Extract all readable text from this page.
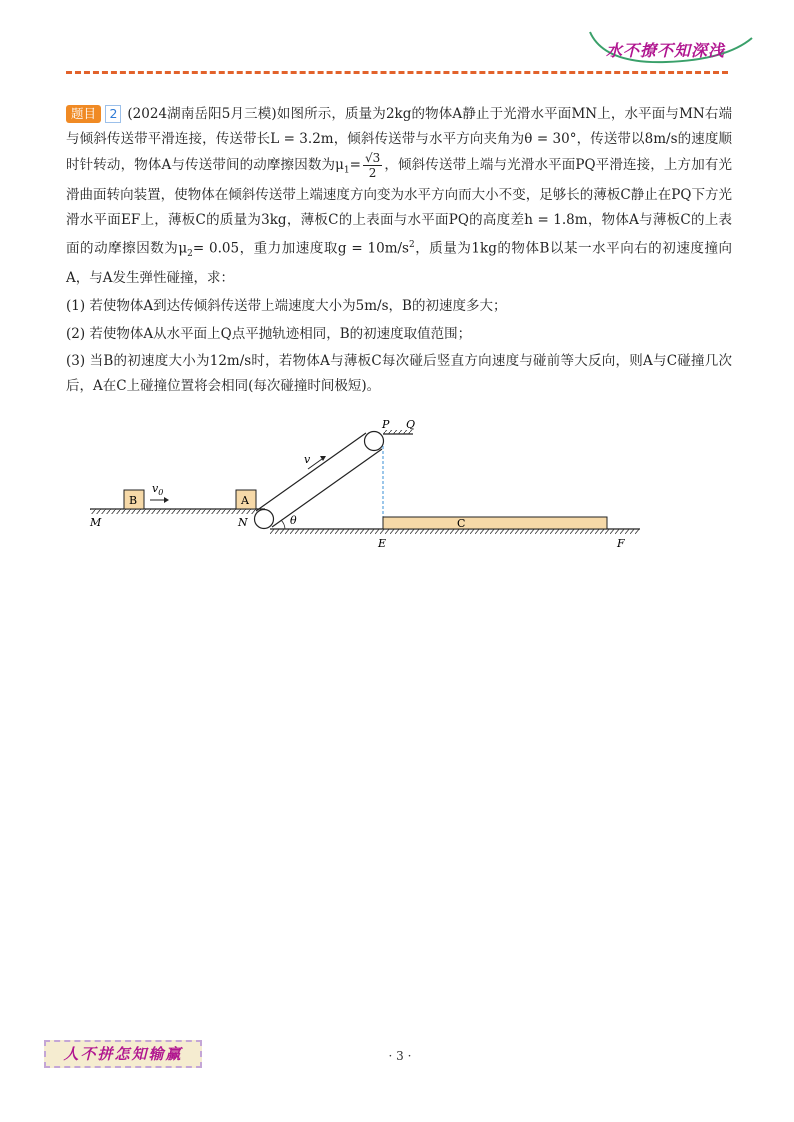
水不撩不知深浅
题目 2 (2024湖南岳阳5月三模)如图所示，质量为2kg的物体A静止于光滑水平面MN上，水平面与MN右端与倾斜传送带平滑连接，传送带长L = 3.2m，倾斜传送带与水平方向夹角为θ = 30°，传送带以8m/s的速度顺时针转动，物体A与传送带间的动摩擦因数为$\mu_1= \frac{√3}{2}$ ，倾斜传送带上端与光滑水平面PQ平滑连接，上方加有光滑曲面转向装置，使物体在倾斜传送带上端速度方向变为水平方向而大小不变，足够长的薄板C静止在PQ下方光滑水平面EF上，薄板C的质量为3kg，薄板C的上表面与水平面PQ的高度差h = 1.8m，物体A与薄板C的上表面的动摩擦因数为$\mu_2= 0.05$，重力加速度取$g = 10m/s^2$，质量为1kg的物体B以某一水平向右的初速度撞向A，与A发生弹性碰撞，求：
(1) 若使物体A到达传倾斜传送带上端速度大小为5m/s，B的初速度多大；
(2) 若使物体A从水平面上Q点平抛轨迹相同，B的初速度取值范围；
(3) 当B的初速度大小为12m/s时，若物体A与薄板C每次碰后竖直方向速度与碰前等大反向，则A与C碰撞几次后，A在C上碰撞位置将会相同(每次碰撞时间极短)。
M	N
B
$v_0$
A
v
θ
P Q
C
E	F
人不拼怎知输赢	· 3 ·
